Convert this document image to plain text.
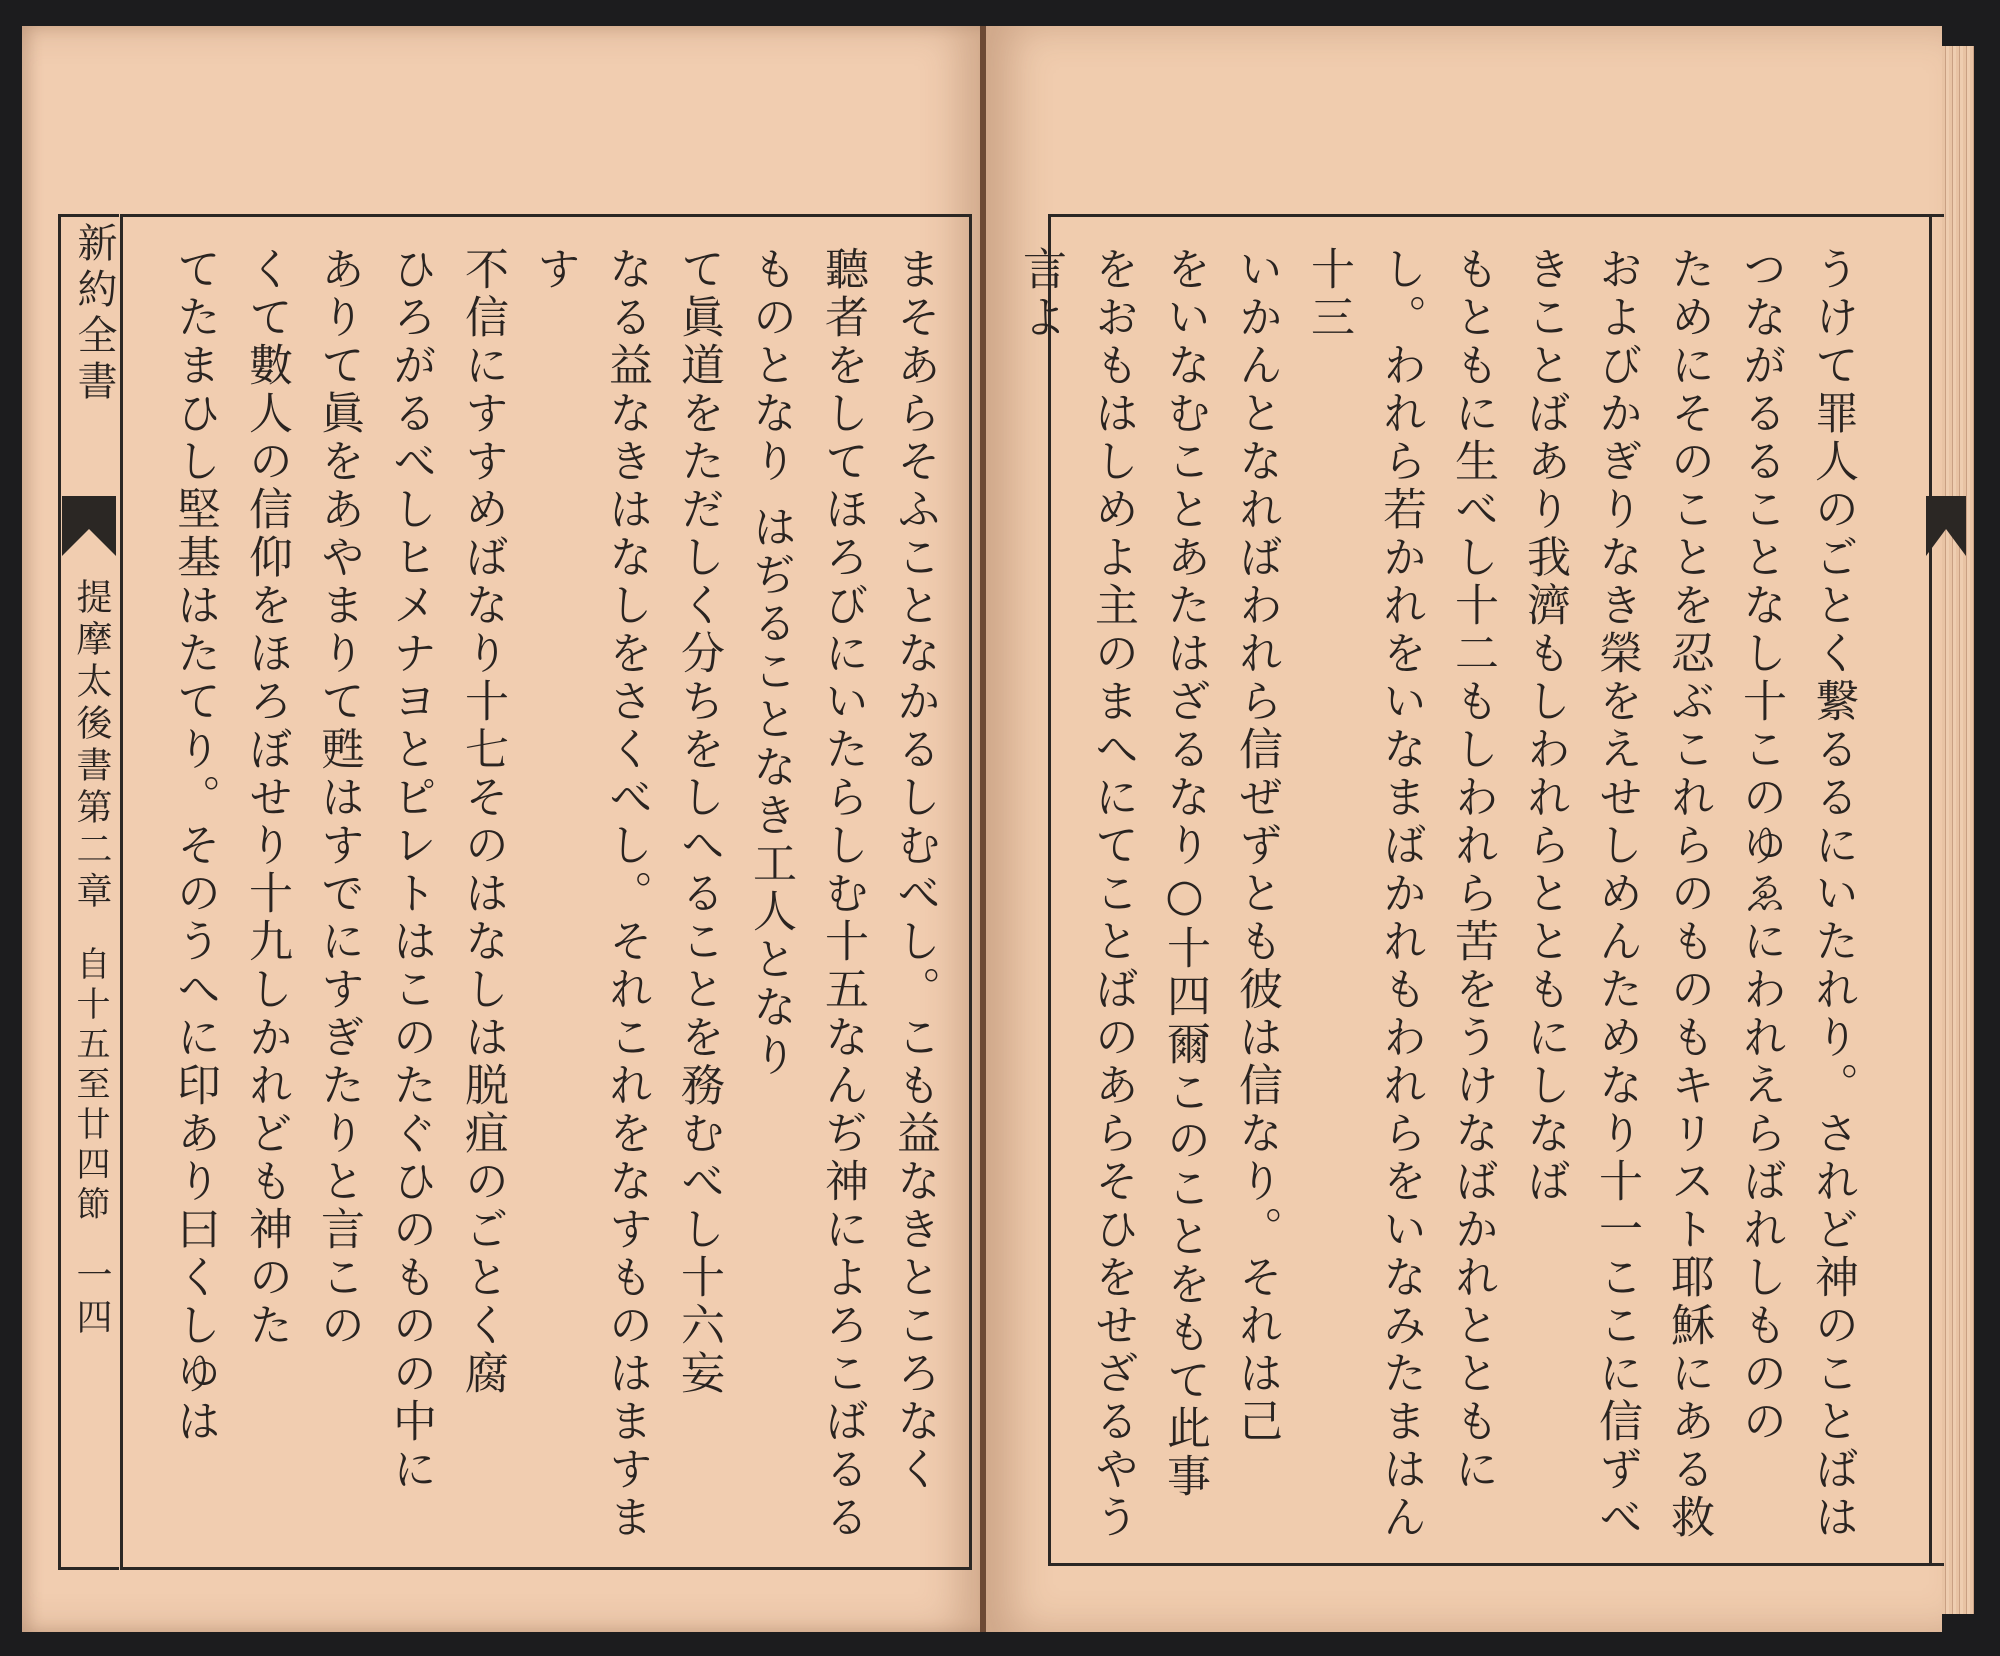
新約全書
提摩太後書第二章
自十五至廿四節
一四	まそあらそふことなかるしむべし。こも益なきところなく
聽者をしてほろびにいたらしむ十五なんぢ神によろこばるる
ものとなり はぢることなき工人となり
て眞道をただしく分ちをしへることを務むべし十六妄
なる益なきはなしをさくべし。それこれをなすものはますます
不信にすすめばなり十七そのはなしは脱疽のごとく腐
ひろがるべしヒメナヨとピレトはこのたぐひのものの中に
ありて眞をあやまりて甦はすでにすぎたりと言この
くて數人の信仰をほろぼせり十九しかれども神のた
てたまひし堅基はたてり。そのうへに印あり曰くしゆは	うけて罪人のごとく繋るるにいたれり。されど神のことばは
つながるることなし十このゆゑにわれえらばれしものの
ためにそのことを忍ぶこれらのものもキリスト耶穌にある救
およびかぎりなき榮をえせしめんためなり十一ここに信ずべ
きことばあり我濟もしわれらとともにしなば
もともに生べし十二もしわれら苦をうけなばかれとともに
し。われら若かれをいなまばかれもわれらをいなみたまはん十三
いかんとなればわれら信ぜずとも彼は信なり。それは己
をいなむことあたはざるなり○十四爾このことをもて此事
をおもはしめよ主のまへにてことばのあらそひをせざるやう言よ
